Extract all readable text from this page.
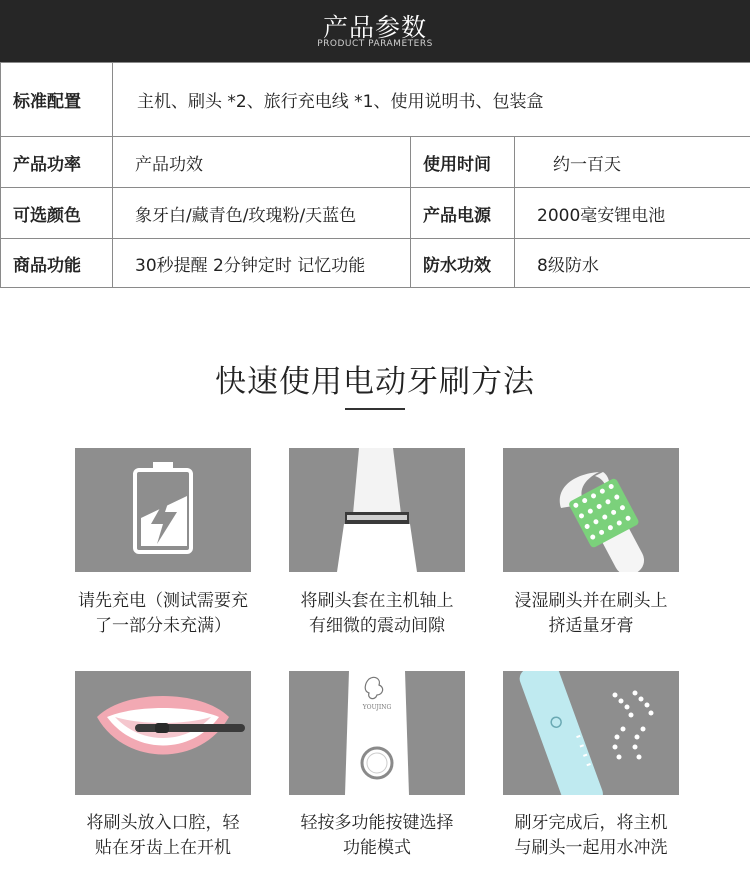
产品参数
PRODUCT PARAMETERS
标准配置	主机、刷头 *2、旅行充电线 *1、使用说明书、包装盒		
产品功率	产品功效	使用时间	约一百天
可选颜色	象牙白/藏青色/玫瑰粉/天蓝色	产品电源	2000毫安锂电池
商品功能	30秒提醒 2分钟定时 记忆功能	防水功效	8级防水
快速使用电动牙刷方法
请先充电（测试需要充
了一部分未充满）
将刷头套在主机轴上
有细微的震动间隙
浸湿刷头并在刷头上
挤适量牙膏
将刷头放入口腔，轻
贴在牙齿上在开机
YOUJING
轻按多功能按键选择
功能模式
刷牙完成后，将主机
与刷头一起用水冲洗
